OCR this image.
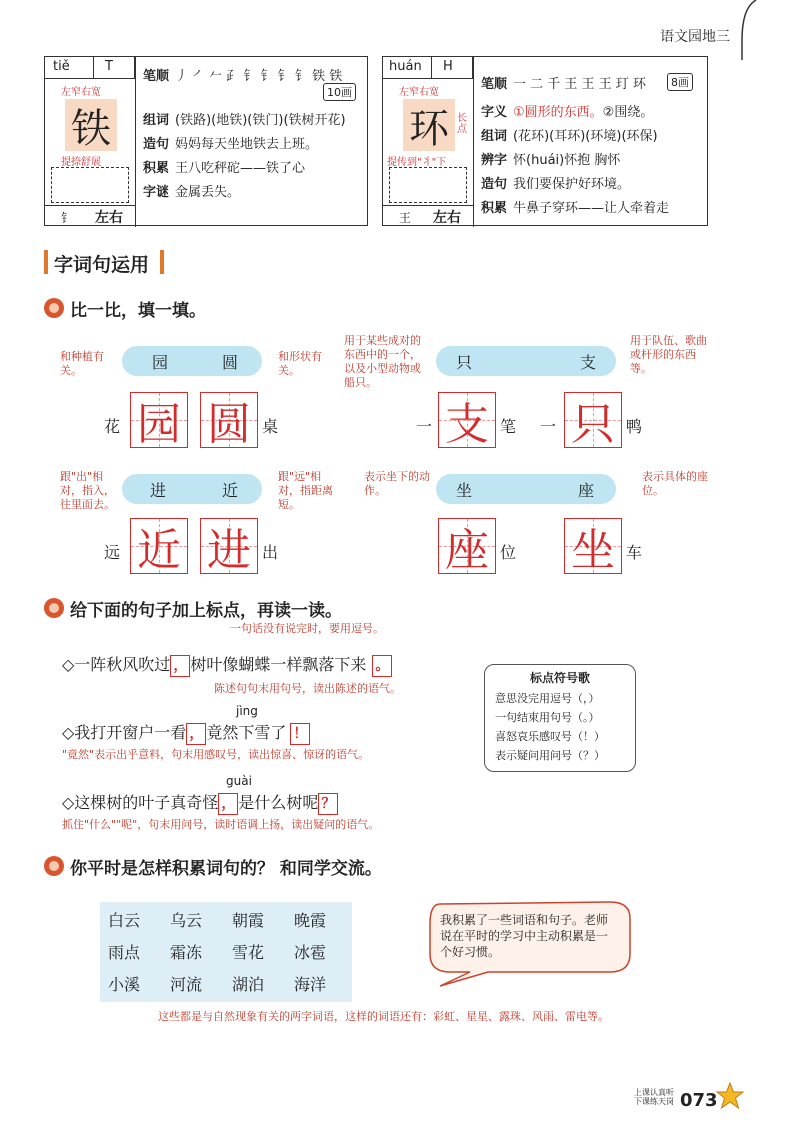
语文园地三
tiě	T
左窄右宽
铁
提捺舒展
钅 左右
笔顺 丿 ㇒ 𠂉 ⺪ 钅 钅 钅 钅 铁 铁
10画
组词 (铁路)(地铁)(铁门)(铁树开花)
造句 妈妈每天坐地铁去上班。
积累 王八吃秤砣——铁了心
字谜 金属丢失。
huán H
左窄右宽
环 长点
提传到"丬"下
王 左右
笔顺 一 二 千 王 王 王 玎 环	8画
字义 ①圆形的东西。②围绕。
组词 (花环)(耳环)(环境)(环保)
辨字 怀(huái)怀抱 胸怀
造句 我们要保护好环境。
积累 牛鼻子穿环——让人牵着走
字词句运用
比一比，填一填。
园	圆
和种植有关。
和形状有关。
花 园 圆 桌
只	支
用于某些成对的东西中的一个，以及小型动物或船只。
用于队伍、歌曲或杆形的东西等。
一 支 笔 一 只 鸭
进	近
跟"出"相对，指入，往里面去。
跟"远"相对，指距离短。
远 近 进 出
坐	座
表示坐下的动作。
表示具体的座位。
座 位 坐 车
给下面的句子加上标点，再读一读。
一句话没有说完时，要用逗号。
◇一阵秋风吹过 ， 树叶像蝴蝶一样飘落下来 。
陈述句句末用句号，读出陈述的语气。
jìng
◇我打开窗户一看 ， 竟然下雪了 ！
"竟然"表示出乎意料，句末用感叹号，读出惊喜、惊讶的语气。
guài
◇这棵树的叶子真奇怪 ， 是什么树呢 ？
抓住"什么""呢"，句末用问号，读时语调上扬，读出疑问的语气。
标点符号歌
意思没完用逗号（，）
一句结束用句号（。）
喜怒哀乐感叹号（！）
表示疑问用问号（？）
你平时是怎样积累词句的？ 和同学交流。
白云 乌云 朝霞 晚霞
雨点 霜冻 雪花 冰雹
小溪 河流 湖泊 海洋
我积累了一些词语和句子。老师说在平时的学习中主动积累是一个好习惯。
这些都是与自然现象有关的两字词语，这样的词语还有：彩虹、星星、露珠、风雨、雷电等。
上课认真听
下课练天岗 073
